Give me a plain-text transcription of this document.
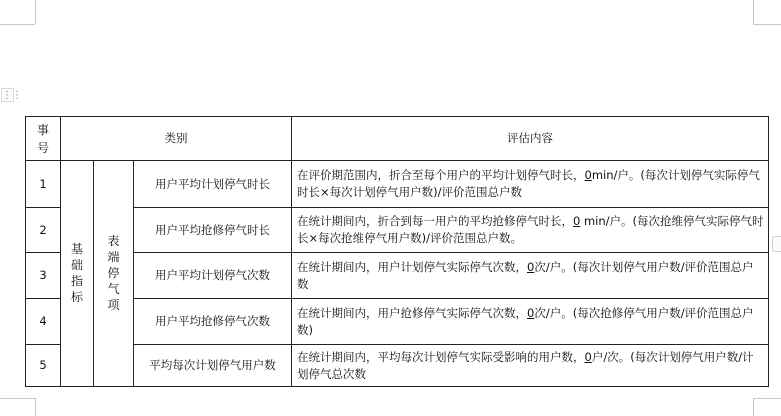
⋮⋮
事号	类别			评估内容
1	基础指标	表端停气项	用户平均计划停气时长	在评价期范围内，折合至每个用户的平均计划停气时长，0min/户。(每次计划停气实际停气时长×每次计划停气用户数)/评价范围总户数
2			用户平均抢修停气时长	在统计期间内，折合到每一用户的平均抢修停气时长，0 min/户。(每次抢维停气实际停气时长×每次抢维停气用户数)/评价范围总户数。
3			用户平均计划停气次数	在统计期间内，用户计划停气实际停气次数，0次/户。(每次计划停气用户数/评价范围总户数
4			用户平均抢修停气次数	在统计期间内，用户抢修停气实际停气次数，0次/户。(每次抢修停气用户数/评价范围总户数)
5			平均每次计划停气用户数	在统计期间内，平均每次计划停气实际受影响的用户数，0户/次。(每次计划停气用户数/计划停气总次数
